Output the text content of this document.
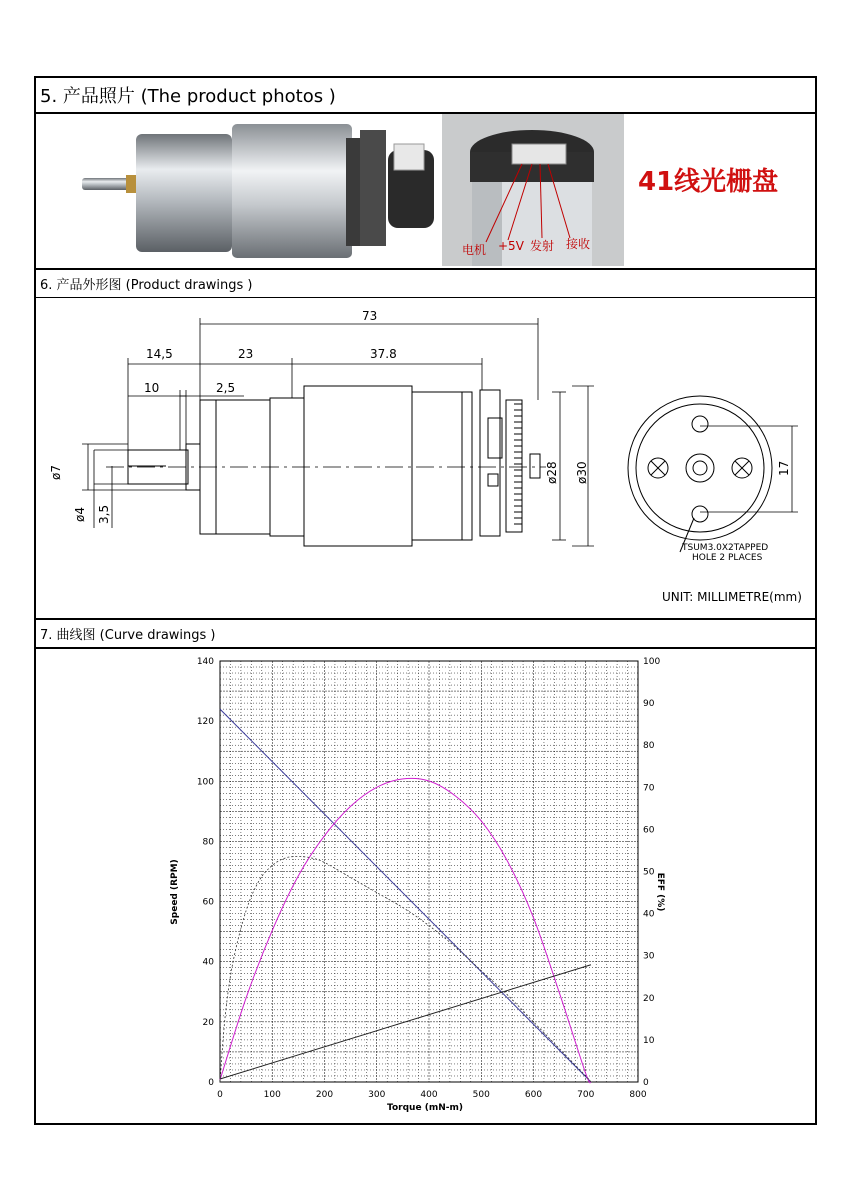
5. 产品照片 (The product photos )
电机 +5V 发射 接收
41线光栅盘
6. 产品外形图 (Product drawings )
73
14,5	23	37.8
10	2,5
ø7
ø4 3,5
ø28 ø30	17
TSUM3.0X2TAPPED
HOLE 2 PLACES
UNIT: MILLIMETRE(mm)
7. 曲线图 (Curve drawings )
0	100	200	300	400	500	600	700	800
0
20
40
60
80
100
120
140
0
10
20
30
40
50
60
70
80
90
100
Speed (RPM)	EFF (%)
Torque (mN-m)
